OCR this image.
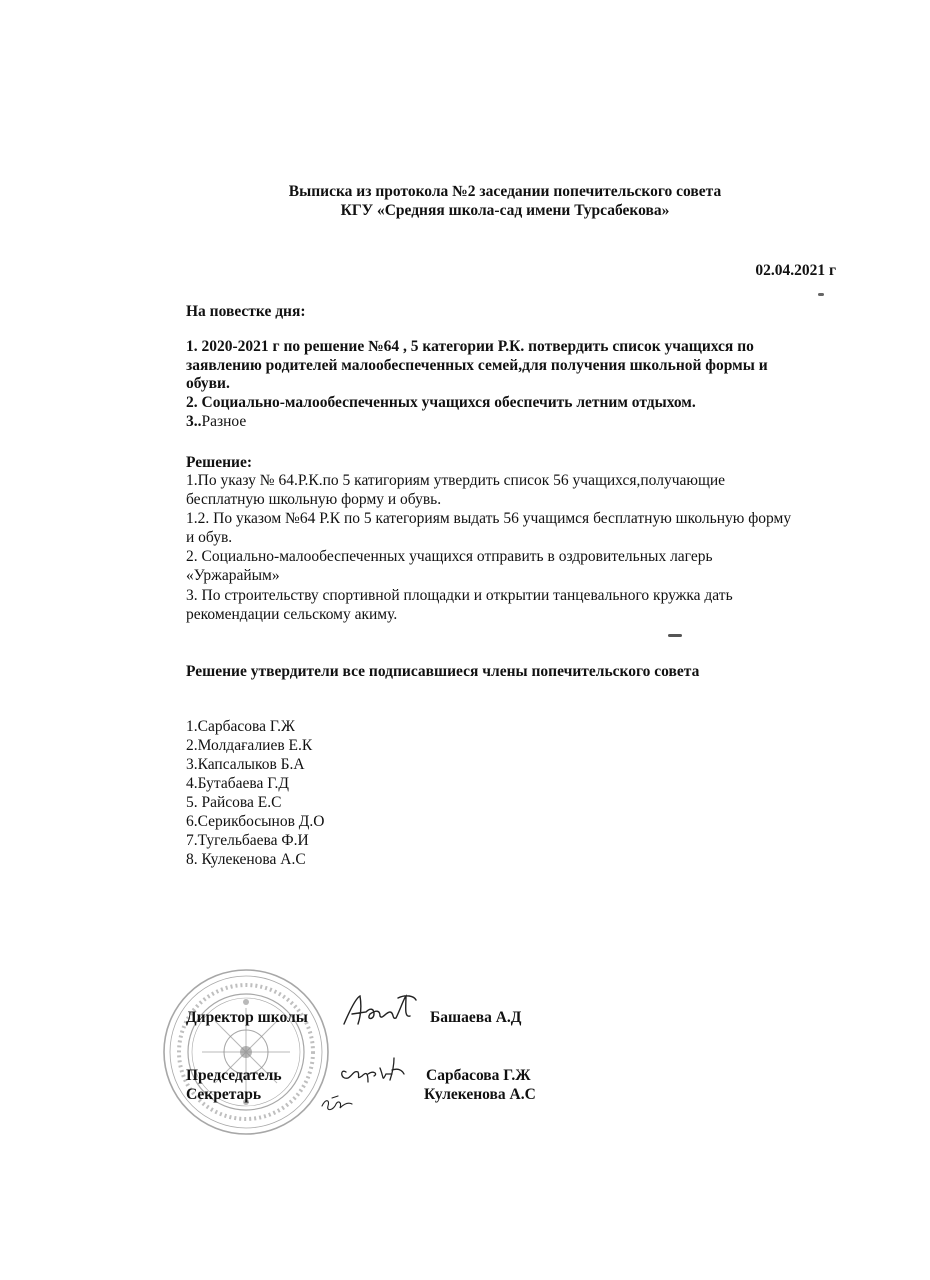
Выписка из протокола №2 заседании попечительского совета
КГУ «Средняя школа-сад имени Турсабекова»
02.04.2021 г
На повестке дня:
1. 2020-2021 г по решение №64 , 5 категории Р.К. потвердить список учащихся по заявлению родителей малообеспеченных семей,для получения школьной формы и обуви.
2. Социально-малообеспеченных учащихся обеспечить летним отдыхом.
3..Разное
Решение:
1.По указу № 64.Р.К.по 5 катигориям утвердить список 56 учащихся,получающие бесплатную школьную форму и обувь.
1.2. По указом №64 Р.К по 5 категориям выдать 56 учащимся бесплатную школьную форму и обув.
2. Социально-малообеспеченных учащихся отправить в оздровительных лагерь «Уржарайым»
3. По строительству спортивной площадки и открытии танцевального кружка дать рекомендации сельскому акиму.
Решение утвердители все подписавшиеся члены попечительского совета
1.Сарбасова Г.Ж
2.Молдағалиев Е.К
3.Капсалыков Б.А
4.Бутабаева Г.Д
5. Райсова Е.С
6.Серикбосынов Д.О
7.Тугельбаева Ф.И
8. Кулекенова А.С
Директор школы	Башаева А.Д
Председатель	Сарбасова Г.Ж
Секретарь	Кулекенова А.С
